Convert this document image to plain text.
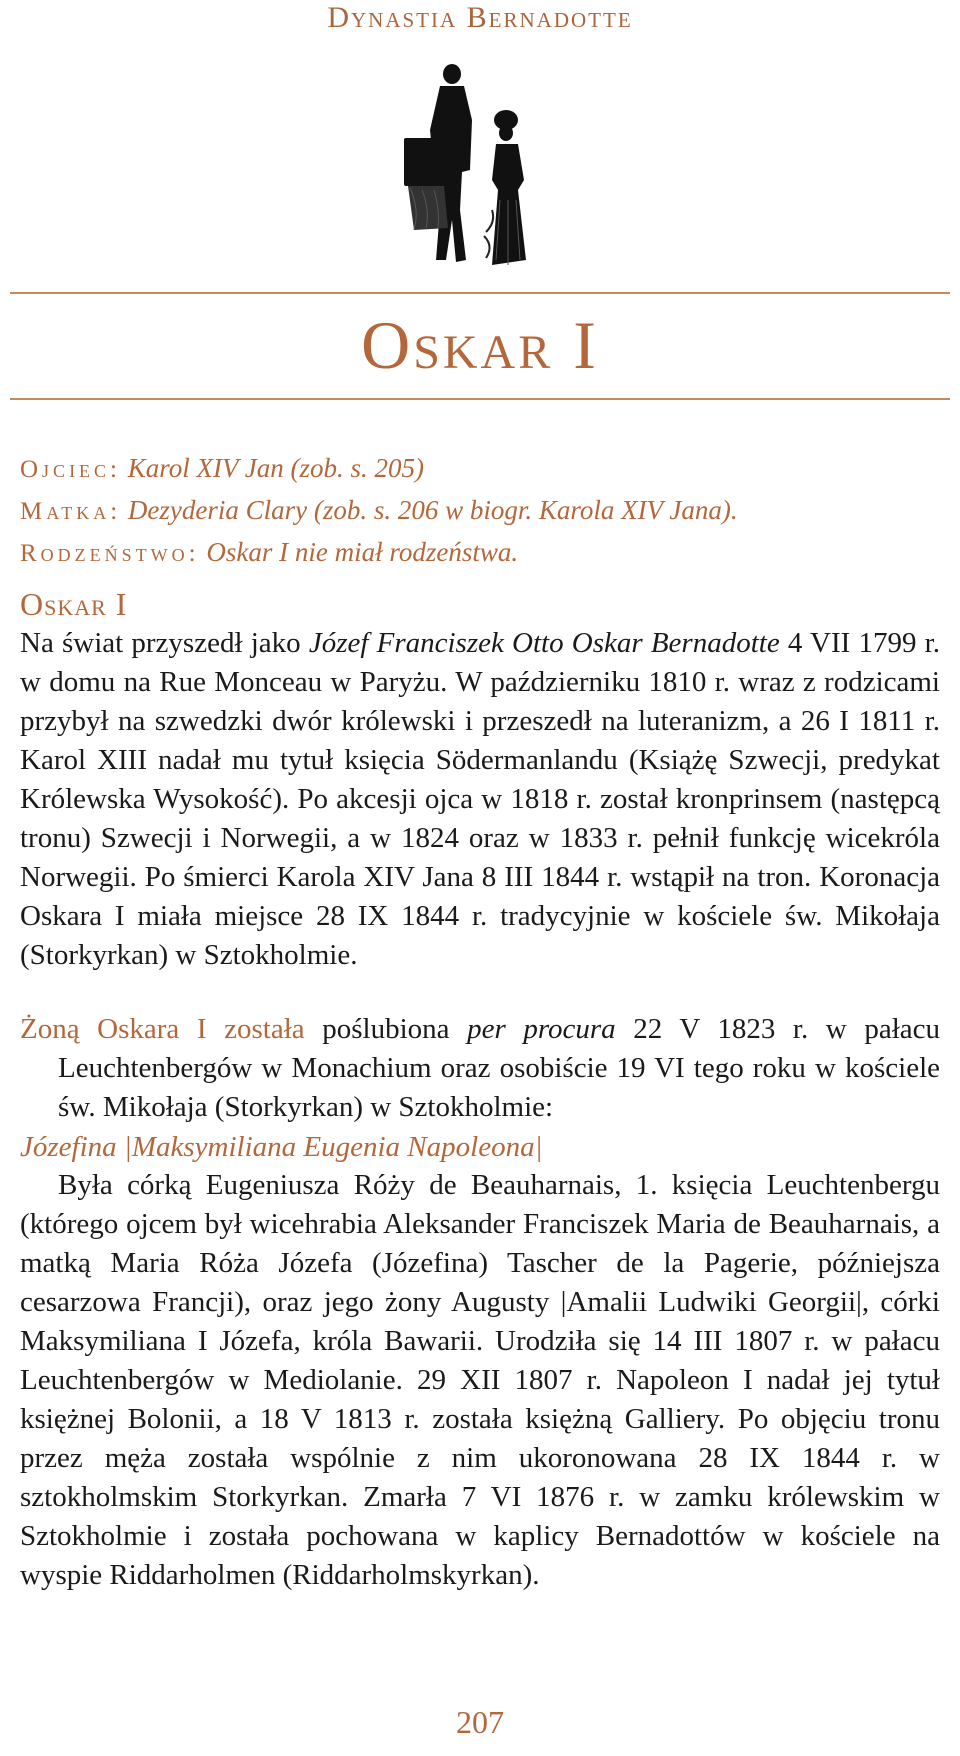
Dynastia Bernadotte
Oskar I
Ojciec: Karol XIV Jan (zob. s. 205)
Matka: Dezyderia Clary (zob. s. 206 w biogr. Karola XIV Jana).
Rodzeństwo: Oskar I nie miał rodzeństwa.
Oskar I

Na świat przyszedł jako Józef Franciszek Otto Oskar Bernadotte 4 VII 1799 r. w domu na Rue Monceau w Paryżu. W październiku 1810 r. wraz z rodzicami przybył na szwedzki dwór królewski i przeszedł na luteranizm, a 26 I 1811 r. Karol XIII nadał mu tytuł księcia Södermanlandu (Książę Szwecji, predykat Królewska Wysokość). Po akcesji ojca w 1818 r. został kronprinsem (następcą tronu) Szwecji i Norwegii, a w 1824 oraz w 1833 r. pełnił funkcję wicekróla Norwegii. Po śmierci Karola XIV Jana 8 III 1844 r. wstąpił na tron. Koronacja Oskara I miała miejsce 28 IX 1844 r. tradycyjnie w kościele św. Mikołaja (Storkyrkan) w Sztokholmie.

Żoną Oskara I została poślubiona per procura 22 V 1823 r. w pałacu Leuchtenbergów w Monachium oraz osobiście 19 VI tego roku w kościele św. Mikołaja (Storkyrkan) w Sztokholmie:

Józefina |Maksymiliana Eugenia Napoleona|

Była córką Eugeniusza Róży de Beauharnais, 1. księcia Leuchtenbergu (którego ojcem był wicehrabia Aleksander Franciszek Maria de Beauharnais, a matką Maria Róża Józefa (Józefina) Tascher de la Pagerie, późniejsza cesarzowa Francji), oraz jego żony Augusty |Amalii Ludwiki Georgii|, córki Maksymiliana I Józefa, króla Bawarii. Urodziła się 14 III 1807 r. w pałacu Leuchtenbergów w Mediolanie. 29 XII 1807 r. Napoleon I nadał jej tytuł księżnej Bolonii, a 18 V 1813 r. została księżną Galliery. Po objęciu tronu przez męża została wspólnie z nim ukoronowana 28 IX 1844 r. w sztokholmskim Storkyrkan. Zmarła 7 VI 1876 r. w zamku królewskim w Sztokholmie i została pochowana w kaplicy Bernadottów w kościele na wyspie Riddarholmen (Riddarholmskyrkan).

207
